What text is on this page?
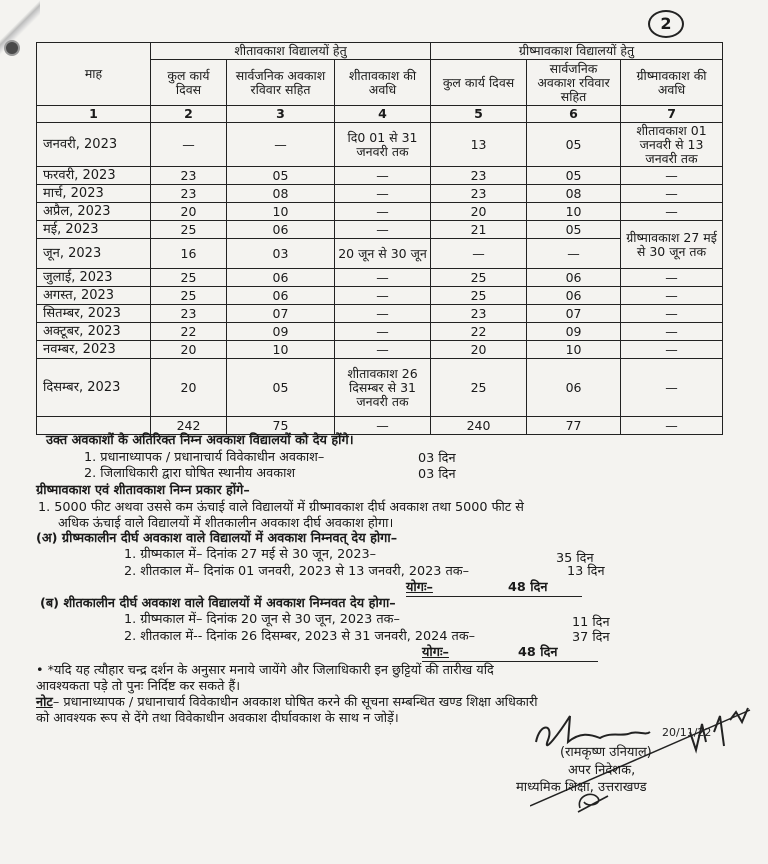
2
माह	शीतावकाश विद्यालयों हेतु			ग्रीष्मावकाश विद्यालयों हेतु		
	कुल कार्य दिवस	सार्वजनिक अवकाश रविवार सहित	शीतावकाश की अवधि	कुल कार्य दिवस	सार्वजनिक अवकाश रविवार सहित	ग्रीष्मावकाश की अवधि
1	2	3	4	5	6	7
जनवरी, 2023	—	—	दि0 01 से 31 जनवरी तक	13	05	शीतावकाश 01 जनवरी से 13 जनवरी तक
फरवरी, 2023	23	05	—	23	05	—
मार्च, 2023	23	08	—	23	08	—
अप्रैल, 2023	20	10	—	20	10	—
मई, 2023	25	06	—	21	05	ग्रीष्मावकाश 27 मई से 30 जून तक
जून, 2023	16	03	20 जून से 30 जून	—	—	
जुलाई, 2023	25	06	—	25	06	—
अगस्त, 2023	25	06	—	25	06	—
सितम्बर, 2023	23	07	—	23	07	—
अक्टूबर, 2023	22	09	—	22	09	—
नवम्बर, 2023	20	10	—	20	10	—
दिसम्बर, 2023	20	05	शीतावकाश 26 दिसम्बर से 31 जनवरी तक	25	06	—
	242	75	—	240	77	—
उक्त अवकाशों के अतिरिक्त निम्न अवकाश विद्यालयों को देय होंगे।
1. प्रधानाध्यापक / प्रधानाचार्य विवेकाधीन अवकाश–	03 दिन
2. जिलाधिकारी द्वारा घोषित स्थानीय अवकाश	03 दिन
ग्रीष्मावकाश एवं शीतावकाश निम्न प्रकार होंगे–
1. 5000 फीट अथवा उससे कम ऊंचाई वाले विद्यालयों में ग्रीष्मावकाश दीर्घ अवकाश तथा 5000 फीट से
अधिक ऊंचाई वाले विद्यालयों में शीतकालीन अवकाश दीर्घ अवकाश होगा।
(अ) ग्रीष्मकालीन दीर्घ अवकाश वाले विद्यालयों में अवकाश निम्नवत् देय होगा–
1. ग्रीष्मकाल में– दिनांक 27 मई से 30 जून, 2023–	35 दिन
2. शीतकाल में– दिनांक 01 जनवरी, 2023 से 13 जनवरी, 2023 तक–	13 दिन
योगः–	48 दिन
(ब) शीतकालीन दीर्घ अवकाश वाले विद्यालयों में अवकाश निम्नवत देय होगा–
1. ग्रीष्मकाल में– दिनांक 20 जून से 30 जून, 2023 तक–	11 दिन
2. शीतकाल में-- दिनांक 26 दिसम्बर, 2023 से 31 जनवरी, 2024 तक–	37 दिन
योगः–	48 दिन
• *यदि यह त्यौहार चन्द्र दर्शन के अनुसार मनाये जायेंगे और जिलाधिकारी इन छुट्टियों की तारीख यदि
आवश्यकता पड़े तो पुनः निर्दिष्ट कर सकते हैं।
नोट– प्रधानाध्यापक / प्रधानाचार्य विवेकाधीन अवकाश घोषित करने की सूचना सम्बन्धित खण्ड शिक्षा अधिकारी
को आवश्यक रूप से देंगे तथा विवेकाधीन अवकाश दीर्घावकाश के साथ न जोड़ें।
20/11/22
(रामकृष्ण उनियाल)
अपर निदेशक,
माध्यमिक शिक्षा, उत्तराखण्ड
